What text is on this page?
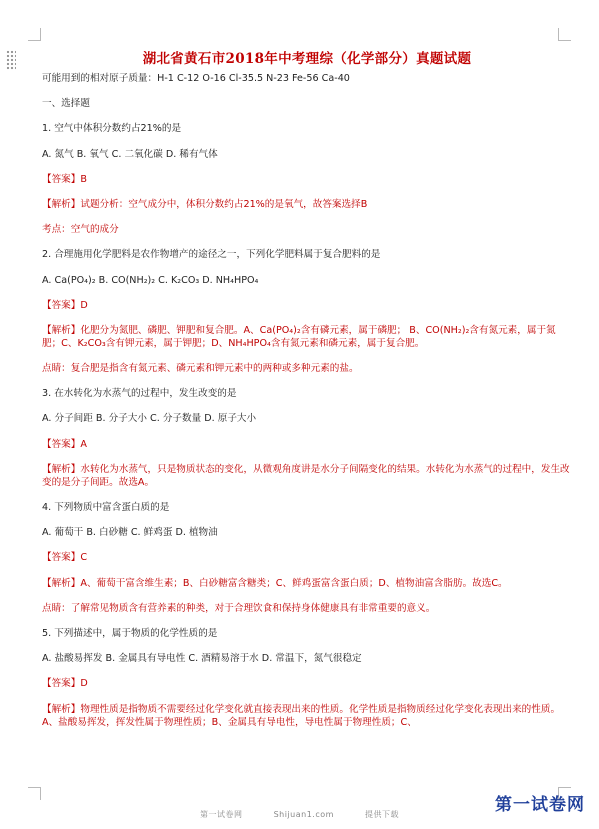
湖北省黄石市2018年中考理综（化学部分）真题试题
可能用到的相对原子质量：H-1 C-12 O-16 Cl-35.5 N-23 Fe-56 Ca-40
一、选择题
1. 空气中体积分数约占21%的是
A. 氮气 B. 氧气 C. 二氧化碳 D. 稀有气体
【答案】B
【解析】试题分析：空气成分中，体积分数约占21%的是氧气，故答案选择B
考点：空气的成分
2. 合理施用化学肥料是农作物增产的途径之一，下列化学肥料属于复合肥料的是
A. Ca(PO₄)₂ B. CO(NH₂)₂ C. K₂CO₃ D. NH₄HPO₄
【答案】D
【解析】化肥分为氮肥、磷肥、钾肥和复合肥。A、Ca(PO₄)₂含有磷元素，属于磷肥； B、CO(NH₂)₂含有氮元素，属于氮肥；C、K₂CO₃含有钾元素，属于钾肥；D、NH₄HPO₄含有氮元素和磷元素，属于复合肥。
点睛：复合肥是指含有氮元素、磷元素和钾元素中的两种或多种元素的盐。
3. 在水转化为水蒸气的过程中，发生改变的是
A. 分子间距 B. 分子大小 C. 分子数量 D. 原子大小
【答案】A
【解析】水转化为水蒸气，只是物质状态的变化，从微观角度讲是水分子间隔变化的结果。水转化为水蒸气的过程中，发生改变的是分子间距。故选A。
4. 下列物质中富含蛋白质的是
A. 葡萄干 B. 白砂糖 C. 鲜鸡蛋 D. 植物油
【答案】C
【解析】A、葡萄干富含维生素；B、白砂糖富含糖类；C、鲜鸡蛋富含蛋白质；D、植物油富含脂肪。故选C。
点睛：了解常见物质含有营养素的种类，对于合理饮食和保持身体健康具有非常重要的意义。
5. 下列描述中，属于物质的化学性质的是
A. 盐酸易挥发 B. 金属具有导电性 C. 酒精易溶于水 D. 常温下，氮气很稳定
【答案】D
【解析】物理性质是指物质不需要经过化学变化就直接表现出来的性质。化学性质是指物质经过化学变化表现出来的性质。A、盐酸易挥发，挥发性属于物理性质；B、金属具有导电性，导电性属于物理性质；C、
第一试卷网	Shijuan1.com	提供下载	第一试卷网
